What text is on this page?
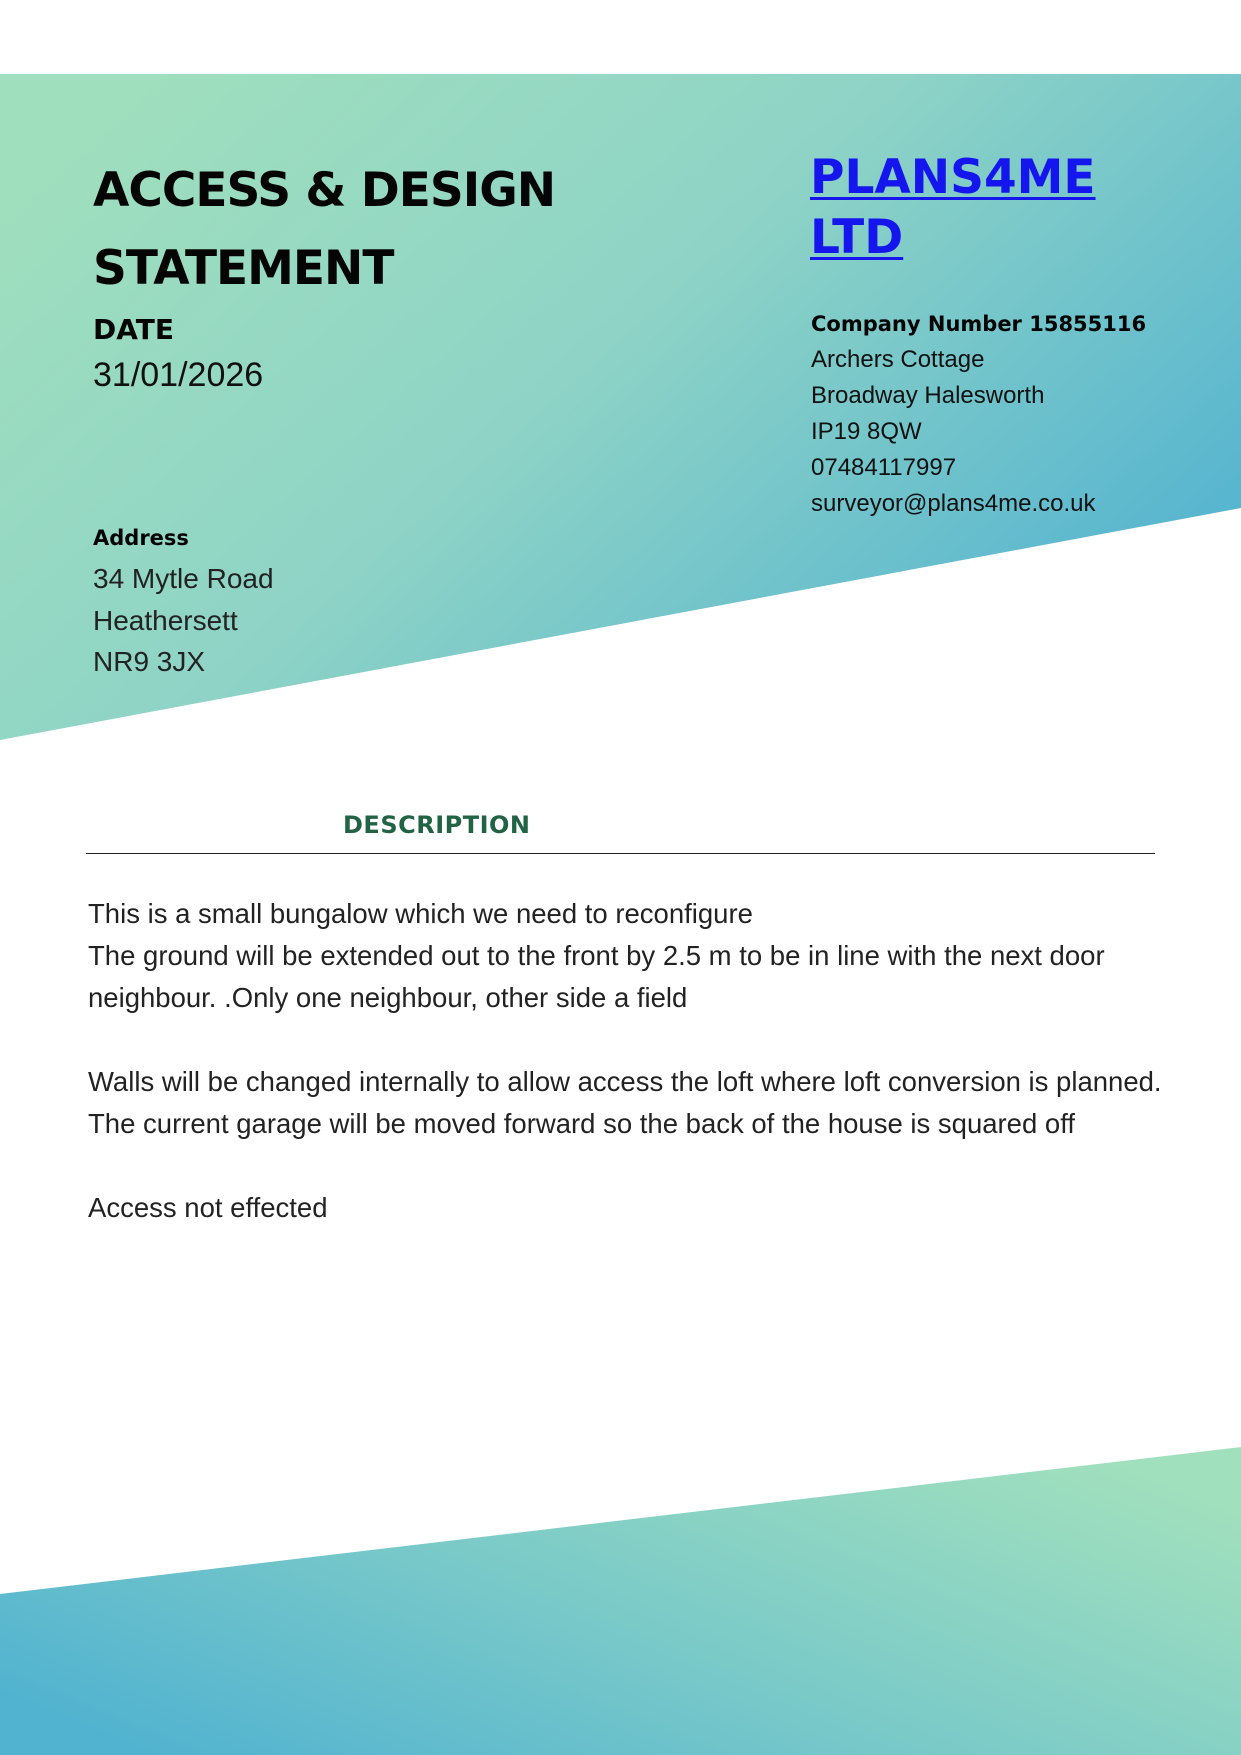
ACCESS & DESIGN
STATEMENT
DATE
31/01/2026
PLANS4ME
LTD
Company Number 15855116
Archers Cottage
Broadway Halesworth
IP19 8QW
07484117997
surveyor@plans4me.co.uk
Address
34 Mytle Road
Heathersett
NR9 3JX
DESCRIPTION

This is a small bungalow which we need to reconfigure

The ground will be extended out to the front by 2.5 m to be in line with the next door neighbour. .Only one neighbour, other side a field

Walls will be changed internally to allow access the loft where loft conversion is planned. The current garage will be moved forward so the back of the house is squared off

Access not effected
